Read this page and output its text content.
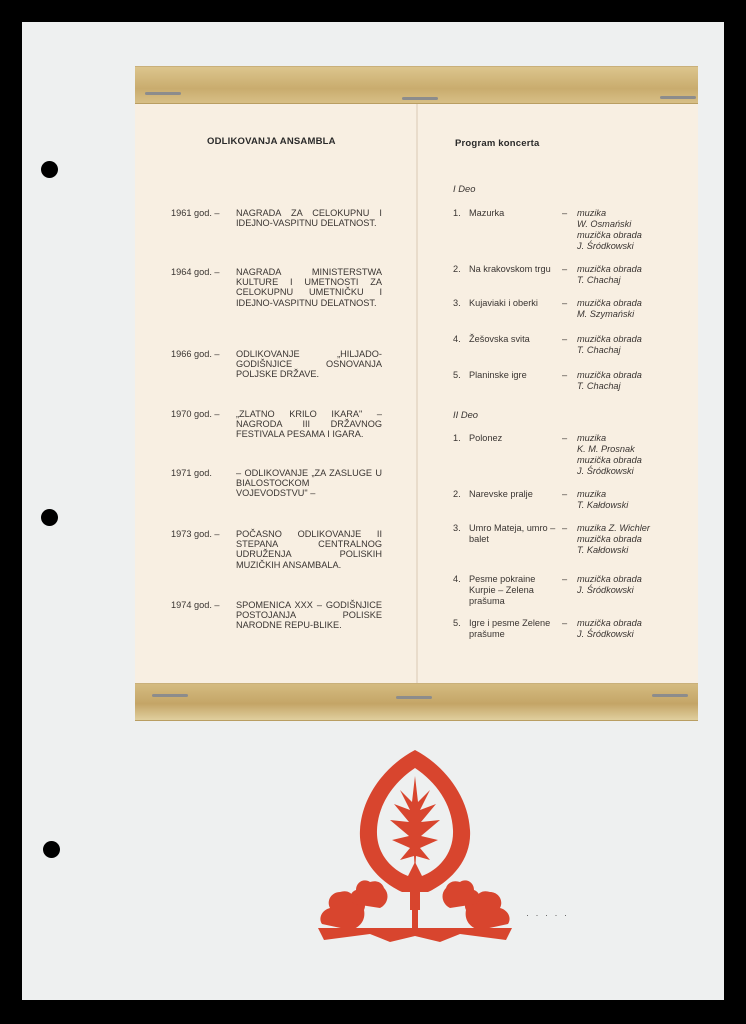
ODLIKOVANJA ANSAMBLA
1961 god. – NAGRADA ZA CELOKUPNU I IDEJNO-VASPITNU DELATNOST.
1964 god. – NAGRADA MINISTERSTWA KULTURE I UMETNOSTI ZA CELOKUPNU UMETNIČKU I IDEJNO-VASPITNU DELATNOST.
1966 god. – ODLIKOVANJE „HILJADO-GODIŠNJICE OSNOVANJA POLJSKE DRŽAVE.
1970 god. – „ZLATNO KRILO IKARA" – NAGRODA III DRŽAVNOG FESTIVALA PESAMA I IGARA.
1971 god.	– ODLIKOVANJE „ZA ZASLUGE U BIALOSTOCKOM VOJEVODSTVU" –
1973 god. – POČASNO ODLIKOVANJE II STEPANA CENTRALNOG UDRUŽENJA POLISKIH MUZIČKIH ANSAMBALA.
1974 god. – SPOMENICA XXX – GODIŠNJICE POSTOJANJA POLISKE NARODNE REPU-BLIKE.
Program koncerta
I Deo
II Deo
1. Mazurka	– muzika
W. Osmański
muzička obrada
J. Śródkowski
2. Na krakovskom trgu	– muzička obrada
T. Chachaj
3. Kujaviaki i oberki	– muzička obrada
M. Szymański
4. Žešovska svita	– muzička obrada
T. Chachaj
5. Planinske igre	– muzička obrada
T. Chachaj
1. Polonez	– muzika
K. M. Prosnak
muzička obrada
J. Śródkowski
2. Narevske pralje	– muzika
T. Kałdowski
3. Umro Mateja, umro – balet
– muzika Z. Wichler
muzička obrada
T. Kałdowski
4. Pesme pokraine Kurpie – Zelena prašuma
– muzička obrada
J. Śródkowski
5. Igre i pesme Zelene prašume
– muzička obrada
J. Śródkowski
· · · · ·
